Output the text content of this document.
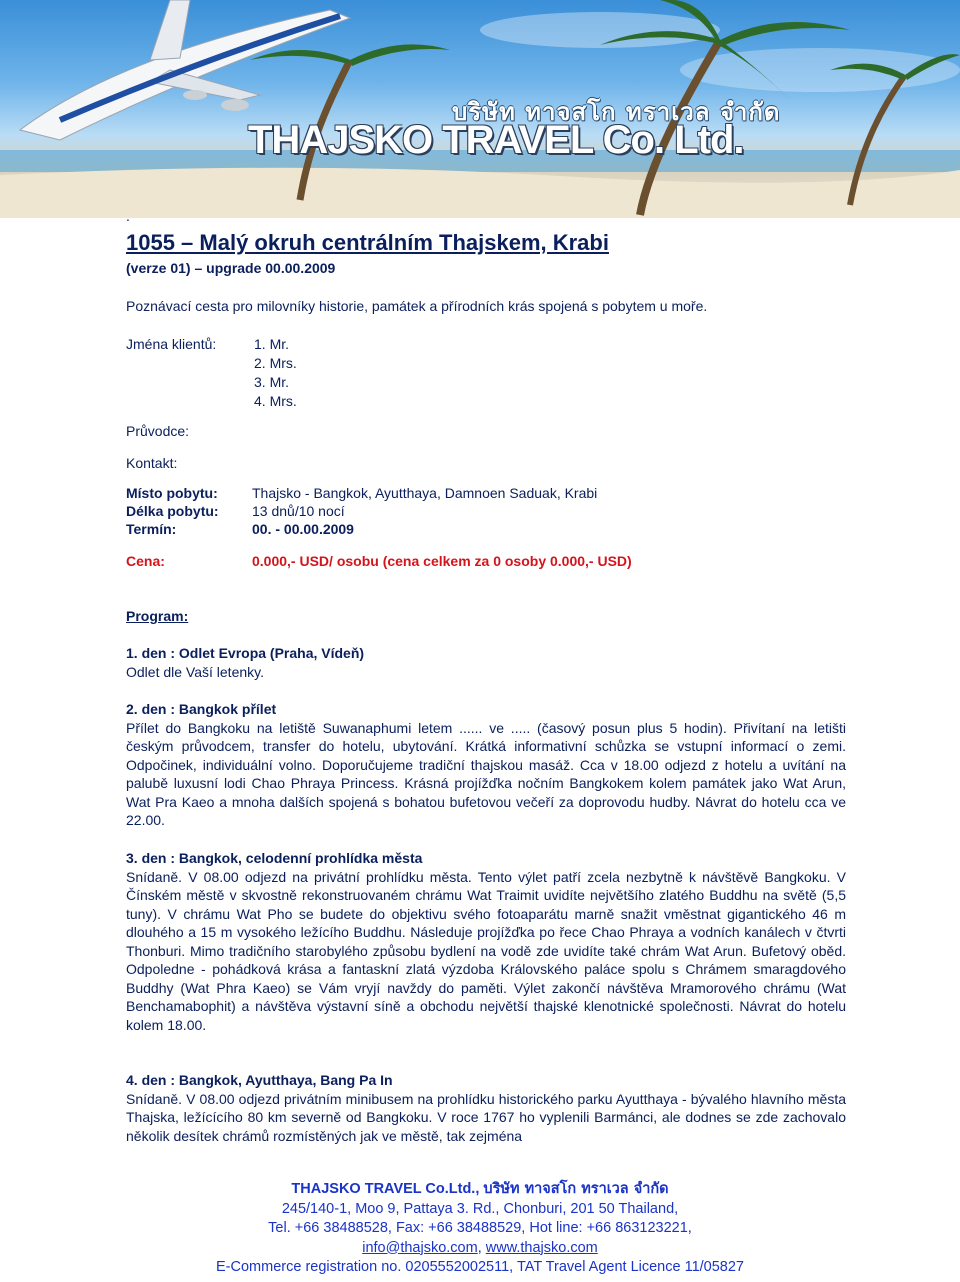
บริษัท ทาจสโก ทราเวล จำกัด
THAJSKO TRAVEL Co. Ltd.
.
1055 – Malý okruh centrálním Thajskem, Krabi
(verze 01) – upgrade 00.00.2009
Poznávací cesta pro milovníky historie, památek a přírodních krás spojená s pobytem u moře.
Jména klientů:	1. Mr.
2. Mrs.
3. Mr.
4. Mrs.
Průvodce:
Kontakt:
Místo pobytu: Thajsko - Bangkok, Ayutthaya, Damnoen Saduak, Krabi
Délka pobytu: 13 dnů/10 nocí
Termín:	00. - 00.00.2009
Cena:	0.000,- USD/ osobu (cena celkem za 0 osoby 0.000,- USD)
Program:
1. den : Odlet Evropa (Praha, Vídeň)

Odlet dle Vaší letenky.

2. den : Bangkok přílet

Přílet do Bangkoku na letiště Suwanaphumi letem ...... ve ..... (časový posun plus 5 hodin). Přivítaní na letišti českým průvodcem, transfer do hotelu, ubytování. Krátká informativní schůzka se vstupní informací o zemi. Odpočinek, individuální volno. Doporučujeme tradiční thajskou masáž. Cca v 18.00 odjezd z hotelu a uvítání na palubě luxusní lodi Chao Phraya Princess. Krásná projížďka nočním Bangkokem kolem památek jako Wat Arun, Wat Pra Kaeo a mnoha dalších spojená s bohatou bufetovou večeří za doprovodu hudby. Návrat do hotelu cca ve 22.00.

3. den : Bangkok, celodenní prohlídka města

Snídaně. V 08.00 odjezd na privátní prohlídku města. Tento výlet patří zcela nezbytně k návštěvě Bangkoku. V Čínském městě v skvostně rekonstruovaném chrámu Wat Traimit uvidíte největšího zlatého Buddhu na světě (5,5 tuny). V chrámu Wat Pho se budete do objektivu svého fotoaparátu marně snažit vměstnat gigantického 46 m dlouhého a 15 m vysokého ležícího Buddhu. Následuje projížďka po řece Chao Phraya a vodních kanálech v čtvrti Thonburi. Mimo tradičního starobylého způsobu bydlení na vodě zde uvidíte také chrám Wat Arun. Bufetový oběd. Odpoledne - pohádková krása a fantaskní zlatá výzdoba Královského paláce spolu s Chrámem smaragdového Buddhy (Wat Phra Kaeo) se Vám vryjí navždy do paměti. Výlet zakončí návštěva Mramorového chrámu (Wat Benchamabophit) a návštěva výstavní síně a obchodu největší thajské klenotnické společnosti. Návrat do hotelu kolem 18.00.

4. den : Bangkok, Ayutthaya, Bang Pa In

Snídaně. V 08.00 odjezd privátním minibusem na prohlídku historického parku Ayutthaya - bývalého hlavního města Thajska, ležícícího 80 km severně od Bangkoku. V roce 1767 ho vyplenili Barmánci, ale dodnes se zde zachovalo několik desítek chrámů rozmístěných jak ve městě, tak zejména

THAJSKO TRAVEL Co.Ltd., บริษัท ทาจสโก ทราเวล จำกัด
245/140-1, Moo 9, Pattaya 3. Rd., Chonburi, 201 50 Thailand,
Tel. +66 38488528, Fax: +66 38488529, Hot line: +66 863123221,
info@thajsko.com, www.thajsko.com
E-Commerce registration no. 0205552002511, TAT Travel Agent Licence 11/05827
